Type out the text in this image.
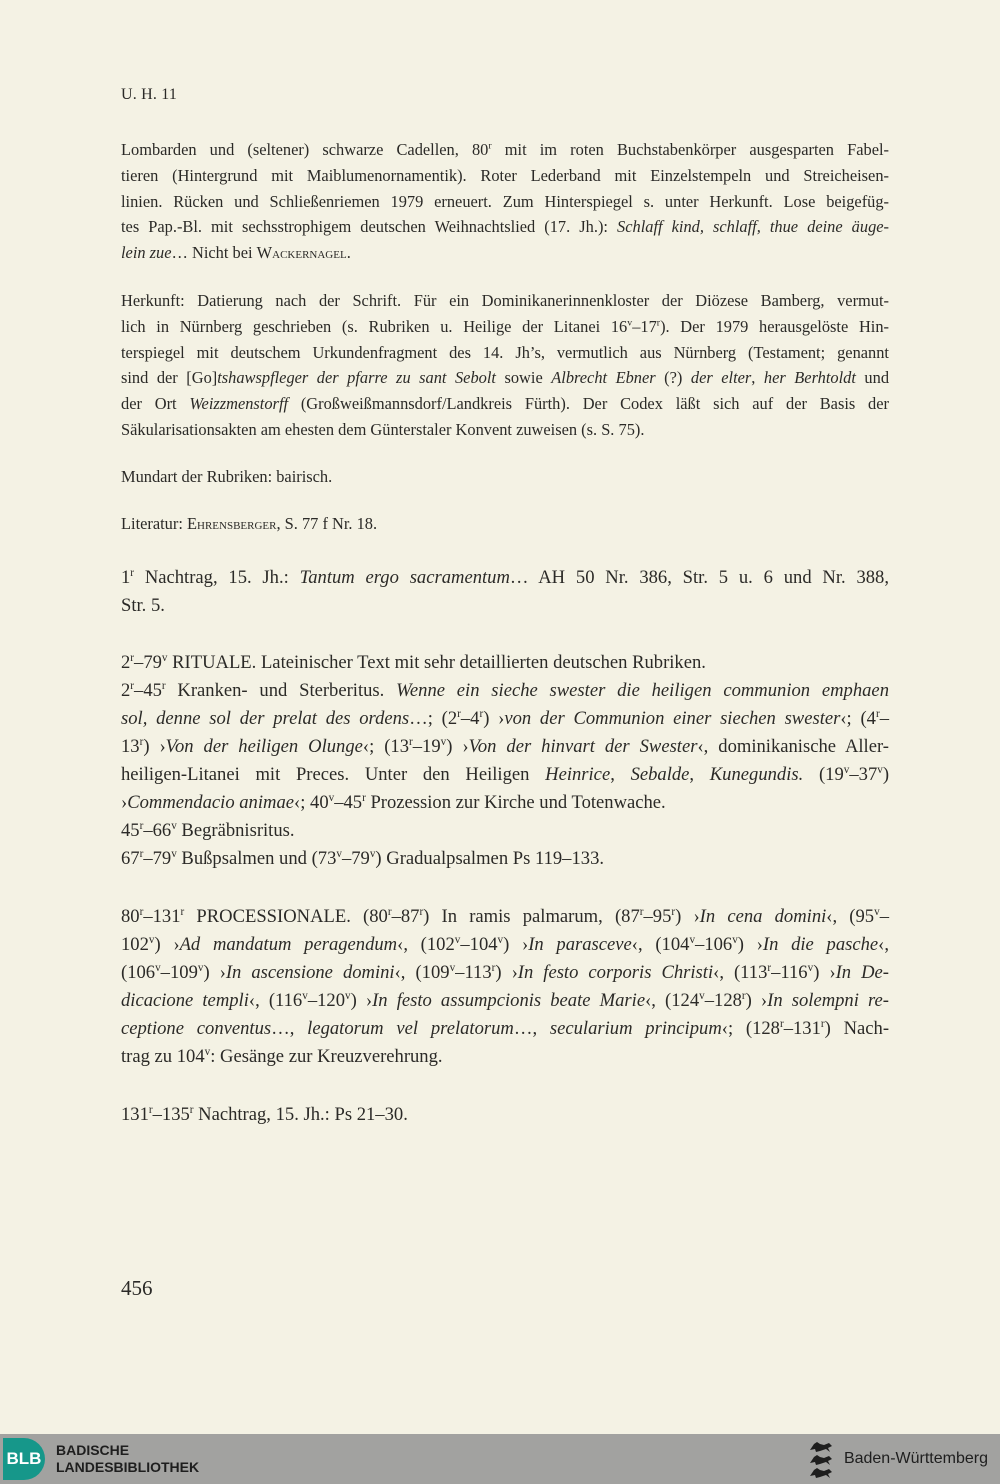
U. H. 11
Lombarden und (seltener) schwarze Cadellen, 80$^r$ mit im roten Buchstabenkörper ausgesparten Fabel-
tieren (Hintergrund mit Maiblumenornamentik). Roter Lederband mit Einzelstempeln und Streicheisen-
linien. Rücken und Schließenriemen 1979 erneuert. Zum Hinterspiegel s. unter Herkunft. Lose beigefüg-
tes Pap.-Bl. mit sechsstrophigem deutschen Weihnachtslied (17. Jh.): Schlaff kind, schlaff, thue deine äuge-
lein zue… Nicht bei Wackernagel.
Herkunft: Datierung nach der Schrift. Für ein Dominikanerinnenkloster der Diözese Bamberg, vermut-
lich in Nürnberg geschrieben (s. Rubriken u. Heilige der Litanei 16$^v$–17$^r$). Der 1979 herausgelöste Hin-
terspiegel mit deutschem Urkundenfragment des 14. Jh’s, vermutlich aus Nürnberg (Testament; genannt
sind der [Go]tshawspfleger der pfarre zu sant Sebolt sowie Albrecht Ebner (?) der elter, her Berhtoldt und
der Ort Weizzmenstorff (Großweißmannsdorf/Landkreis Fürth). Der Codex läßt sich auf der Basis der
Säkularisationsakten am ehesten dem Günterstaler Konvent zuweisen (s. S. 75).
Mundart der Rubriken: bairisch.
Literatur: Ehrensberger, S. 77 f Nr. 18.
1$^r$ Nachtrag, 15. Jh.: Tantum ergo sacramentum… AH 50 Nr. 386, Str. 5 u. 6 und Nr. 388,
Str. 5.
2$^r$–79$^v$ RITUALE. Lateinischer Text mit sehr detaillierten deutschen Rubriken.
2$^r$–45$^r$ Kranken- und Sterberitus. Wenne ein sieche swester die heiligen communion emphaen
sol, denne sol der prelat des ordens…; (2$^r$–4$^r$) ›von der Communion einer siechen swester‹; (4$^r$–
13$^r$) ›Von der heiligen Olunge‹; (13$^r$–19$^v$) ›Von der hinvart der Swester‹, dominikanische Aller-
heiligen-Litanei mit Preces. Unter den Heiligen Heinrice, Sebalde, Kunegundis. (19$^v$–37$^v$)
›Commendacio animae‹; 40$^v$–45$^r$ Prozession zur Kirche und Totenwache.
45$^r$–66$^v$ Begräbnisritus.
67$^r$–79$^v$ Bußpsalmen und (73$^v$–79$^v$) Gradualpsalmen Ps 119–133.
80$^r$–131$^r$ PROCESSIONALE. (80$^r$–87$^r$) In ramis palmarum, (87$^r$–95$^r$) ›In cena domini‹, (95$^v$–
102$^v$) ›Ad mandatum peragendum‹, (102$^v$–104$^v$) ›In parasceve‹, (104$^v$–106$^v$) ›In die pasche‹,
(106$^v$–109$^v$) ›In ascensione domini‹, (109$^v$–113$^r$) ›In festo corporis Christi‹, (113$^r$–116$^v$) ›In De-
dicacione templi‹, (116$^v$–120$^v$) ›In festo assumpcionis beate Marie‹, (124$^v$–128$^r$) ›In solempni re-
ceptione conventus…, legatorum vel prelatorum…, secularium principum‹; (128$^r$–131$^r$) Nach-
trag zu 104$^v$: Gesänge zur Kreuzverehrung.
131$^r$–135$^r$ Nachtrag, 15. Jh.: Ps 21–30.
456
BLB BADISCHE
LANDESBIBLIOTHEK	Baden-Württemberg
